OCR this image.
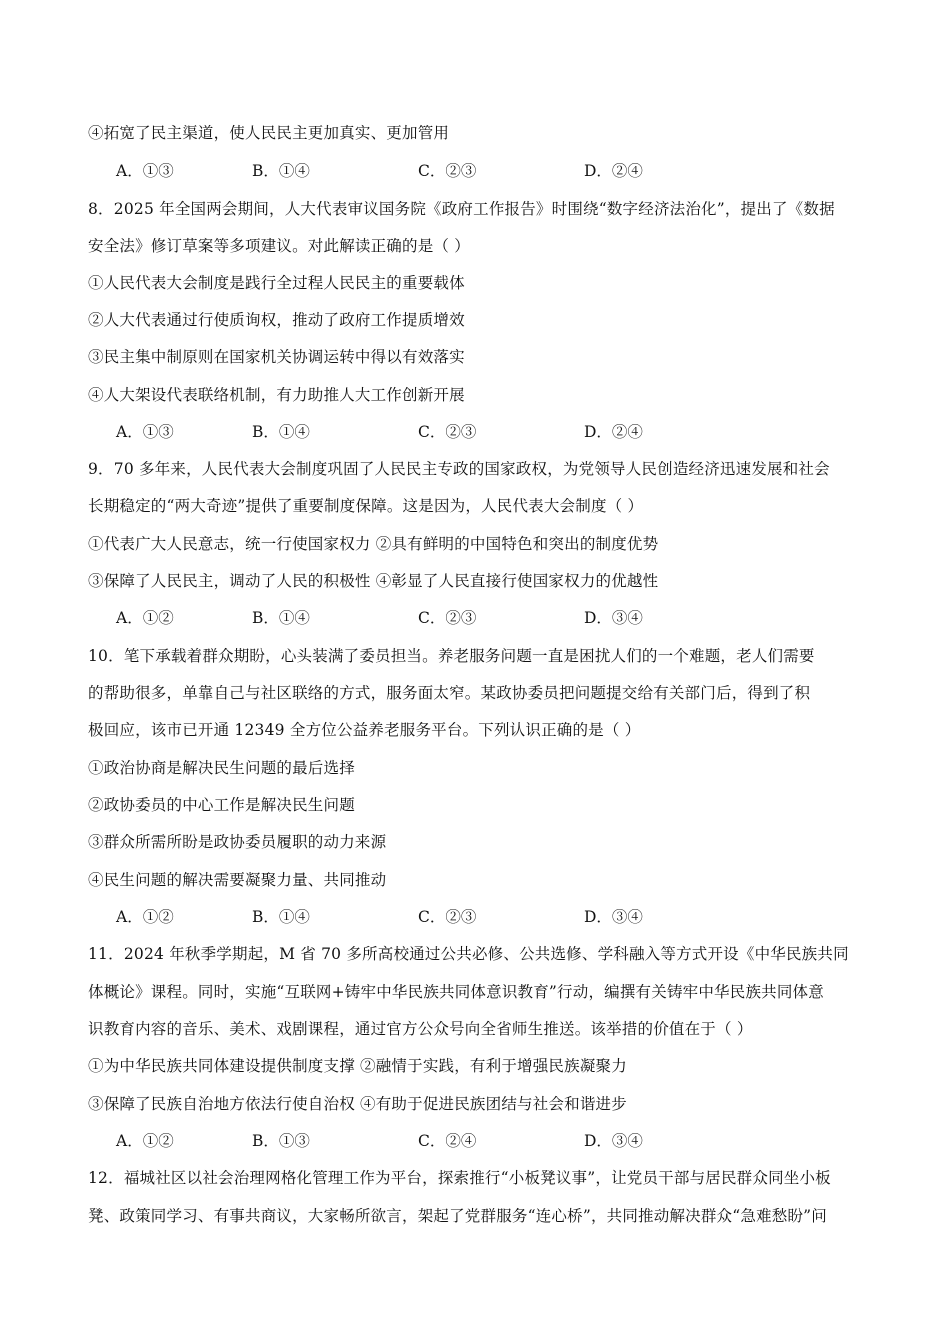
④拓宽了民主渠道，使人民民主更加真实、更加管用
A．①③	B．①④	C．②③	D．②④
8．2025 年全国两会期间，人大代表审议国务院《政府工作报告》时围绕“数字经济法治化”，提出了《数据
安全法》修订草案等多项建议。对此解读正确的是（ ）
①人民代表大会制度是践行全过程人民民主的重要载体
②人大代表通过行使质询权，推动了政府工作提质增效
③民主集中制原则在国家机关协调运转中得以有效落实
④人大架设代表联络机制，有力助推人大工作创新开展
A．①③	B．①④	C．②③	D．②④
9．70 多年来，人民代表大会制度巩固了人民民主专政的国家政权，为党领导人民创造经济迅速发展和社会
长期稳定的“两大奇迹”提供了重要制度保障。这是因为，人民代表大会制度（ ）
①代表广大人民意志，统一行使国家权力 ②具有鲜明的中国特色和突出的制度优势
③保障了人民民主，调动了人民的积极性 ④彰显了人民直接行使国家权力的优越性
A．①②	B．①④	C．②③	D．③④
10．笔下承载着群众期盼，心头装满了委员担当。养老服务问题一直是困扰人们的一个难题，老人们需要
的帮助很多，单靠自己与社区联络的方式，服务面太窄。某政协委员把问题提交给有关部门后，得到了积
极回应，该市已开通 12349 全方位公益养老服务平台。下列认识正确的是（ ）
①政治协商是解决民生问题的最后选择
②政协委员的中心工作是解决民生问题
③群众所需所盼是政协委员履职的动力来源
④民生问题的解决需要凝聚力量、共同推动
A．①②	B．①④	C．②③	D．③④
11．2024 年秋季学期起，M 省 70 多所高校通过公共必修、公共选修、学科融入等方式开设《中华民族共同
体概论》课程。同时，实施“互联网+铸牢中华民族共同体意识教育”行动，编撰有关铸牢中华民族共同体意
识教育内容的音乐、美术、戏剧课程，通过官方公众号向全省师生推送。该举措的价值在于（ ）
①为中华民族共同体建设提供制度支撑 ②融情于实践，有利于增强民族凝聚力
③保障了民族自治地方依法行使自治权 ④有助于促进民族团结与社会和谐进步
A．①②	B．①③	C．②④	D．③④
12．福城社区以社会治理网格化管理工作为平台，探索推行“小板凳议事”，让党员干部与居民群众同坐小板
凳、政策同学习、有事共商议，大家畅所欲言，架起了党群服务“连心桥”，共同推动解决群众“急难愁盼”问
